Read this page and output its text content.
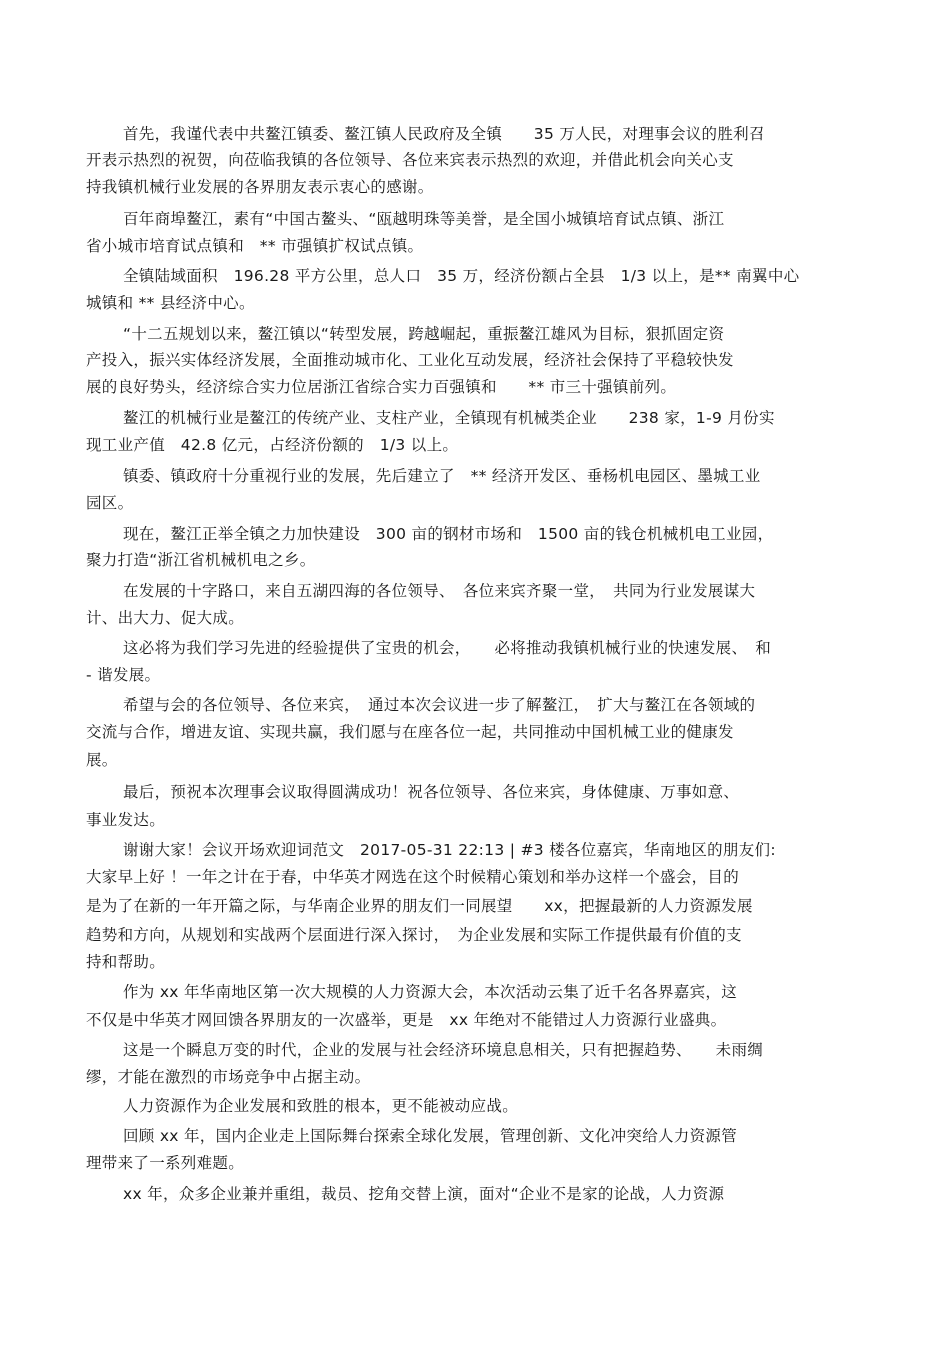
首先，我谨代表中共鳌江镇委、鳌江镇人民政府及全镇　　35 万人民，对理事会议的胜利召

开表示热烈的祝贺，向莅临我镇的各位领导、各位来宾表示热烈的欢迎，并借此机会向关心支

持我镇机械行业发展的各界朋友表示衷心的感谢。

百年商埠鳌江，素有“中国古鳌头、“瓯越明珠等美誉，是全国小城镇培育试点镇、浙江

省小城市培育试点镇和　** 市强镇扩权试点镇。

全镇陆域面积　196.28 平方公里，总人口　35 万，经济份额占全县　1/3 以上，是** 南翼中心

城镇和 ** 县经济中心。

“十二五规划以来，鳌江镇以“转型发展，跨越崛起，重振鳌江雄风为目标，狠抓固定资

产投入，振兴实体经济发展，全面推动城市化、工业化互动发展，经济社会保持了平稳较快发

展的良好势头，经济综合实力位居浙江省综合实力百强镇和　　** 市三十强镇前列。

鳌江的机械行业是鳌江的传统产业、支柱产业，全镇现有机械类企业　　238 家，1-9 月份实

现工业产值　42.8 亿元，占经济份额的　1/3 以上。

镇委、镇政府十分重视行业的发展，先后建立了　** 经济开发区、垂杨机电园区、墨城工业

园区。

现在，鳌江正举全镇之力加快建设　300 亩的钢材市场和　1500 亩的钱仓机械机电工业园，

聚力打造“浙江省机械机电之乡。

在发展的十字路口，来自五湖四海的各位领导、　各位来宾齐聚一堂，　共同为行业发展谋大

计、出大力、促大成。

这必将为我们学习先进的经验提供了宝贵的机会，　　必将推动我镇机械行业的快速发展、　和

- 谐发展。

希望与会的各位领导、各位来宾，　通过本次会议进一步了解鳌江，　扩大与鳌江在各领域的

交流与合作，增进友谊、实现共赢，我们愿与在座各位一起，共同推动中国机械工业的健康发

展。

最后，预祝本次理事会议取得圆满成功！祝各位领导、各位来宾，身体健康、万事如意、

事业发达。

谢谢大家！会议开场欢迎词范文　2017-05-31 22:13 | #3 楼各位嘉宾，华南地区的朋友们:

大家早上好 ！一年之计在于春，中华英才网选在这个时候精心策划和举办这样一个盛会，目的

是为了在新的一年开篇之际，与华南企业界的朋友们一同展望　　xx，把握最新的人力资源发展

趋势和方向，从规划和实战两个层面进行深入探讨，　为企业发展和实际工作提供最有价值的支

持和帮助。

作为 xx 年华南地区第一次大规模的人力资源大会，本次活动云集了近千名各界嘉宾，这

不仅是中华英才网回馈各界朋友的一次盛举，更是　xx 年绝对不能错过人力资源行业盛典。

这是一个瞬息万变的时代，企业的发展与社会经济环境息息相关，只有把握趋势、　　未雨绸

缪，才能在激烈的市场竞争中占据主动。

人力资源作为企业发展和致胜的根本，更不能被动应战。

回顾 xx 年，国内企业走上国际舞台探索全球化发展，管理创新、文化冲突给人力资源管

理带来了一系列难题。

xx 年，众多企业兼并重组，裁员、挖角交替上演，面对“企业不是家的论战，人力资源
